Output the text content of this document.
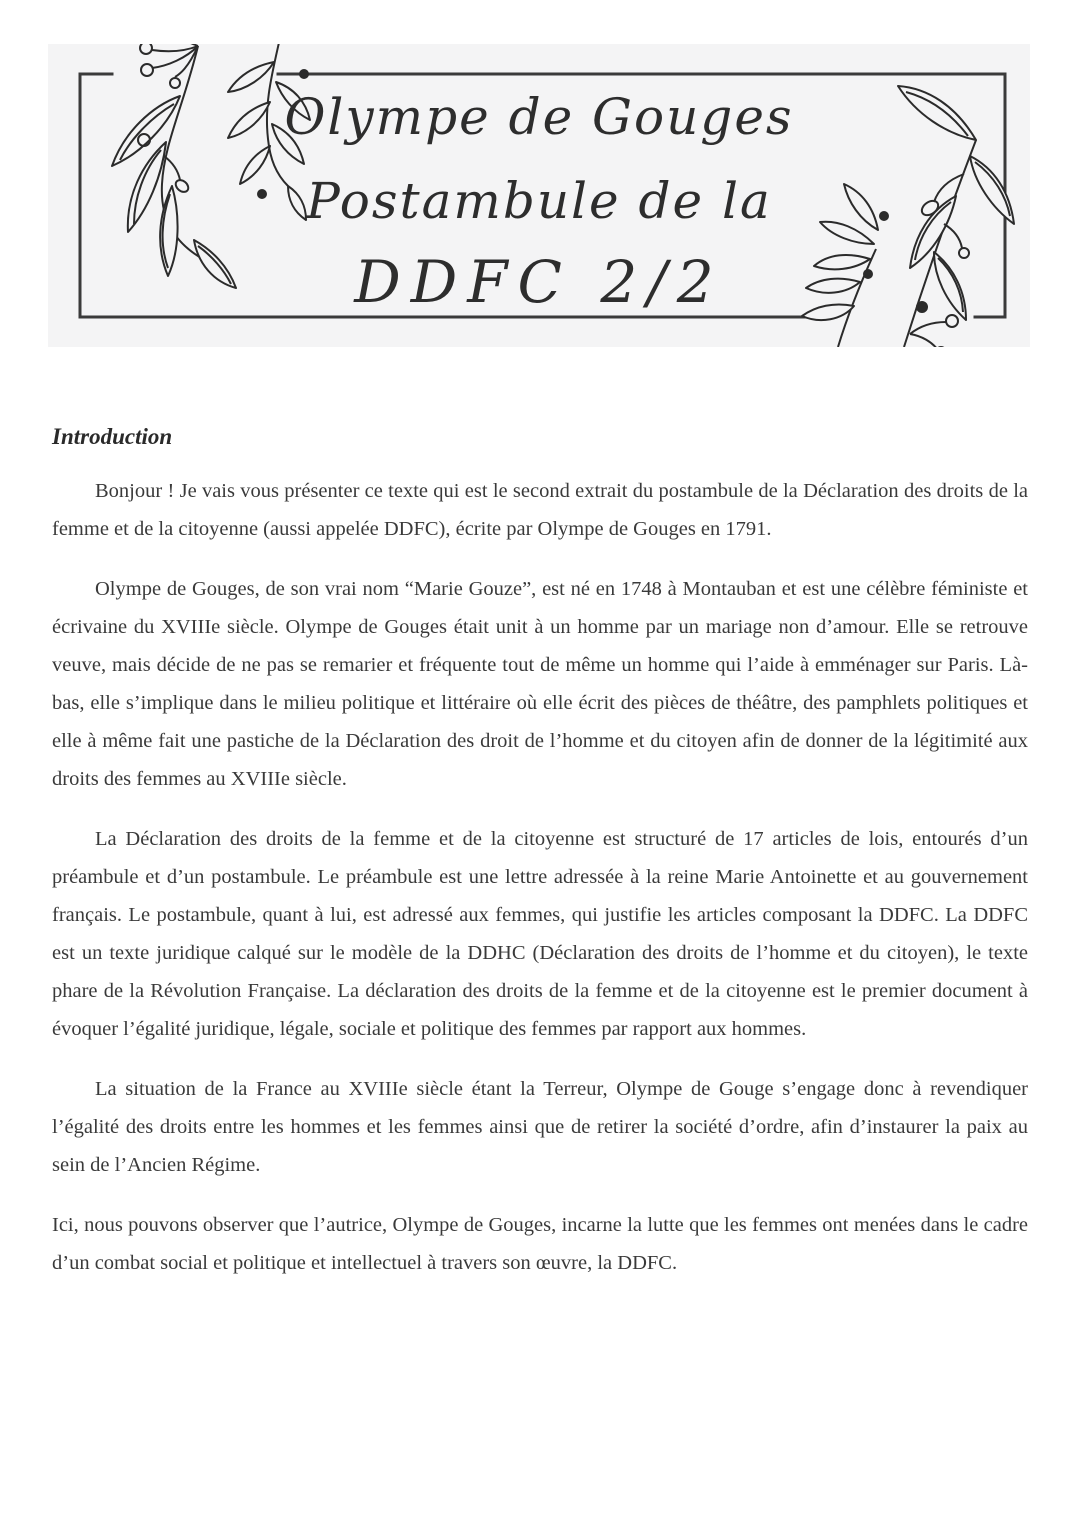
Olympe de Gouges
Postambule de la
DDFC 2/2
Introduction

Bonjour ! Je vais vous présenter ce texte qui est le second extrait du postambule de la Déclaration des droits de la femme et de la citoyenne (aussi appelée DDFC), écrite par Olympe de Gouges en 1791.

Olympe de Gouges, de son vrai nom “Marie Gouze”, est né en 1748 à Montauban et est une célèbre féministe et écrivaine du XVIIIe siècle. Olympe de Gouges était unit à un homme par un mariage non d’amour. Elle se retrouve veuve, mais décide de ne pas se remarier et fréquente tout de même un homme qui l’aide à emménager sur Paris. Là-bas, elle s’implique dans le milieu politique et littéraire où elle écrit des pièces de théâtre, des pamphlets politiques et elle à même fait une pastiche de la Déclaration des droit de l’homme et du citoyen afin de donner de la légitimité aux droits des femmes au XVIIIe siècle.

La Déclaration des droits de la femme et de la citoyenne est structuré de 17 articles de lois, entourés d’un préambule et d’un postambule. Le préambule est une lettre adressée à la reine Marie Antoinette et au gouvernement français. Le postambule, quant à lui, est adressé aux femmes, qui justifie les articles composant la DDFC. La DDFC est un texte juridique calqué sur le modèle de la DDHC (Déclaration des droits de l’homme et du citoyen), le texte phare de la Révolution Française. La déclaration des droits de la femme et de la citoyenne est le premier document à évoquer l’égalité juridique, légale, sociale et politique des femmes par rapport aux hommes.

La situation de la France au XVIIIe siècle étant la Terreur, Olympe de Gouge s’engage donc à revendiquer l’égalité des droits entre les hommes et les femmes ainsi que de retirer la société d’ordre, afin d’instaurer la paix au sein de l’Ancien Régime.

Ici, nous pouvons observer que l’autrice, Olympe de Gouges, incarne la lutte que les femmes ont menées dans le cadre d’un combat social et politique et intellectuel à travers son œuvre, la DDFC.
